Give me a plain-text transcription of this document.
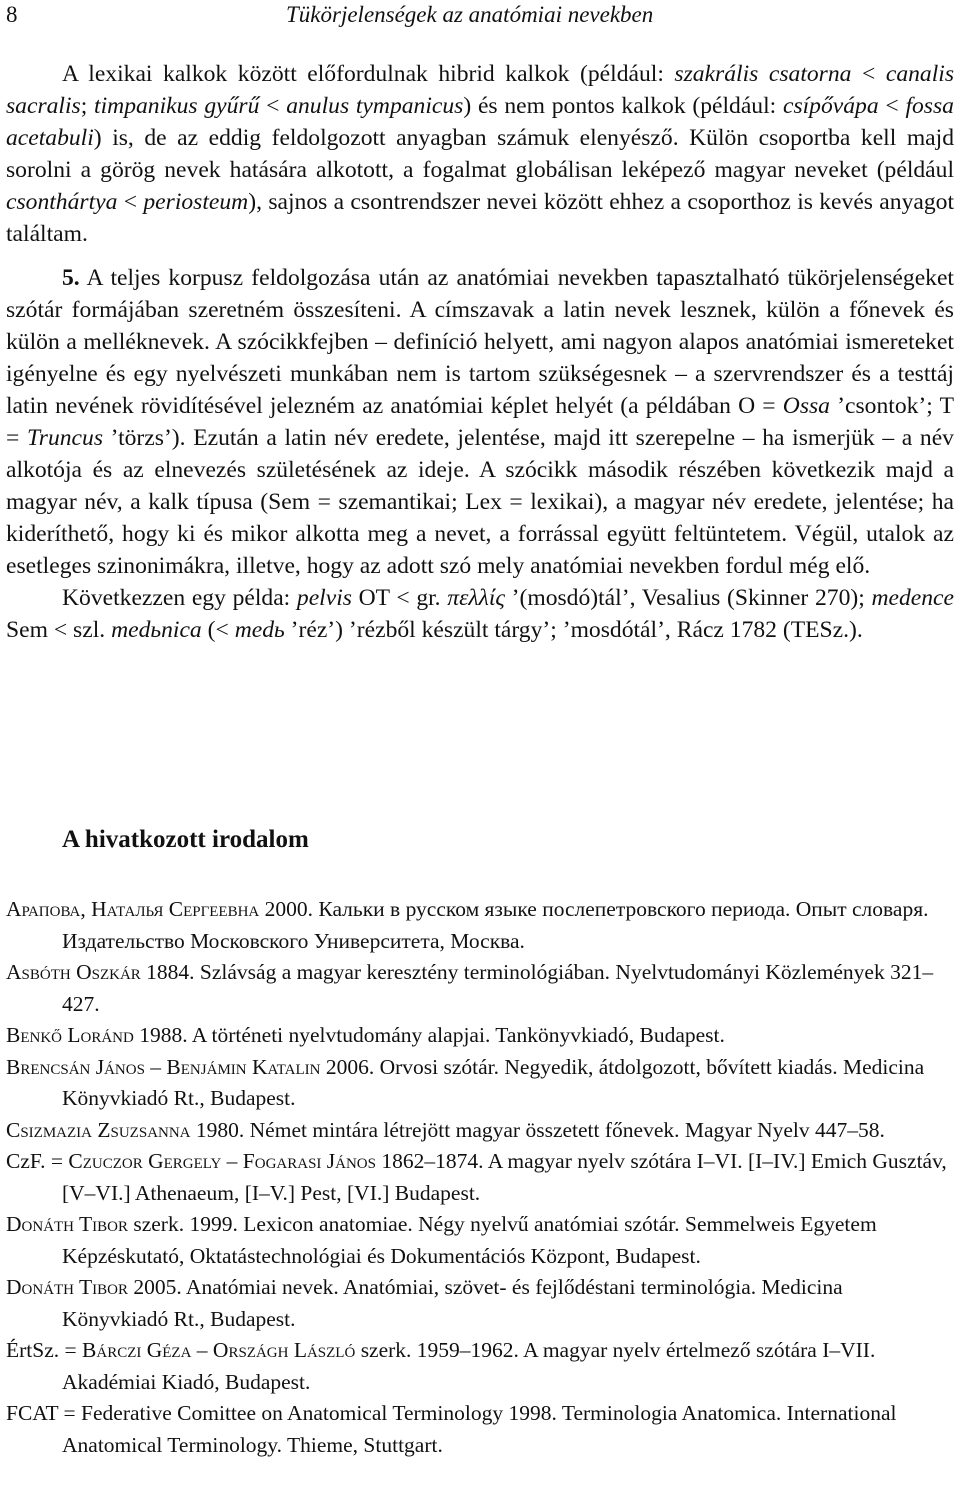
8	Tükörjelenségek az anatómiai nevekben

A lexikai kalkok között előfordulnak hibrid kalkok (például: szakrális csatorna < canalis sacralis; timpanikus gyűrű < anulus tympanicus) és nem pontos kalkok (például: csípővápa < fossa acetabuli) is, de az eddig feldolgozott anyagban számuk elenyésző. Külön csoportba kell majd sorolni a görög nevek hatására alkotott, a fogalmat globálisan leképező magyar neveket (például csonthártya < periosteum), sajnos a csontrendszer nevei között ehhez a csoporthoz is kevés anyagot találtam.

5. A teljes korpusz feldolgozása után az anatómiai nevekben tapasztalható tükörjelenségeket szótár formájában szeretném összesíteni. A címszavak a latin nevek lesznek, külön a főnevek és külön a melléknevek. A szócikkfejben – definíció helyett, ami nagyon alapos anatómiai ismereteket igényelne és egy nyelvészeti munkában nem is tartom szükségesnek – a szervrendszer és a testtáj latin nevének rövidítésével jelezném az anatómiai képlet helyét (a példában O = Ossa ’csontok’; T = Truncus ’törzs’). Ezután a latin név eredete, jelentése, majd itt szerepelne – ha ismerjük – a név alkotója és az elnevezés születésének az ideje. A szócikk második részében következik majd a magyar név, a kalk típusa (Sem = szemantikai; Lex = lexikai), a magyar név eredete, jelentése; ha kideríthető, hogy ki és mikor alkotta meg a nevet, a forrással együtt feltüntetem. Végül, utalok az esetleges szinonimákra, illetve, hogy az adott szó mely anatómiai nevekben fordul még elő.

Következzen egy példa: pelvis OT < gr. πελλίς ’(mosdó)tál’, Vesalius (Skinner 270); medence Sem < szl. medьnica (< medь ’réz’) ’rézből készült tárgy’; ’mosdótál’, Rácz 1782 (TESz.).

A hivatkozott irodalom

Арапова, Наталья Сергеевна 2000. Кальки в русском языке послепетровского периода. Опыт словаря. Издательство Московского Университета, Москва.

Asbóth Oszkár 1884. Szlávság a magyar keresztény terminológiában. Nyelvtudományi Közlemények 321–427.

Benkő Loránd 1988. A történeti nyelvtudomány alapjai. Tankönyvkiadó, Budapest.

Brencsán János – Benjámin Katalin 2006. Orvosi szótár. Negyedik, átdolgozott, bővített kiadás. Medicina Könyvkiadó Rt., Budapest.

Csizmazia Zsuzsanna 1980. Német mintára létrejött magyar összetett főnevek. Magyar Nyelv 447–58.

CzF. = Czuczor Gergely – Fogarasi János 1862–1874. A magyar nyelv szótára I–VI. [I–IV.] Emich Gusztáv, [V–VI.] Athenaeum, [I–V.] Pest, [VI.] Budapest.

Donáth Tibor szerk. 1999. Lexicon anatomiae. Négy nyelvű anatómiai szótár. Semmelweis Egyetem Képzéskutató, Oktatástechnológiai és Dokumentációs Központ, Budapest.

Donáth Tibor 2005. Anatómiai nevek. Anatómiai, szövet- és fejlődéstani terminológia. Medicina Könyvkiadó Rt., Budapest.

ÉrtSz. = Bárczi Géza – Országh László szerk. 1959–1962. A magyar nyelv értelmező szótára I–VII. Akadémiai Kiadó, Budapest.

FCAT = Federative Comittee on Anatomical Terminology 1998. Terminologia Anatomica. International Anatomical Terminology. Thieme, Stuttgart.
